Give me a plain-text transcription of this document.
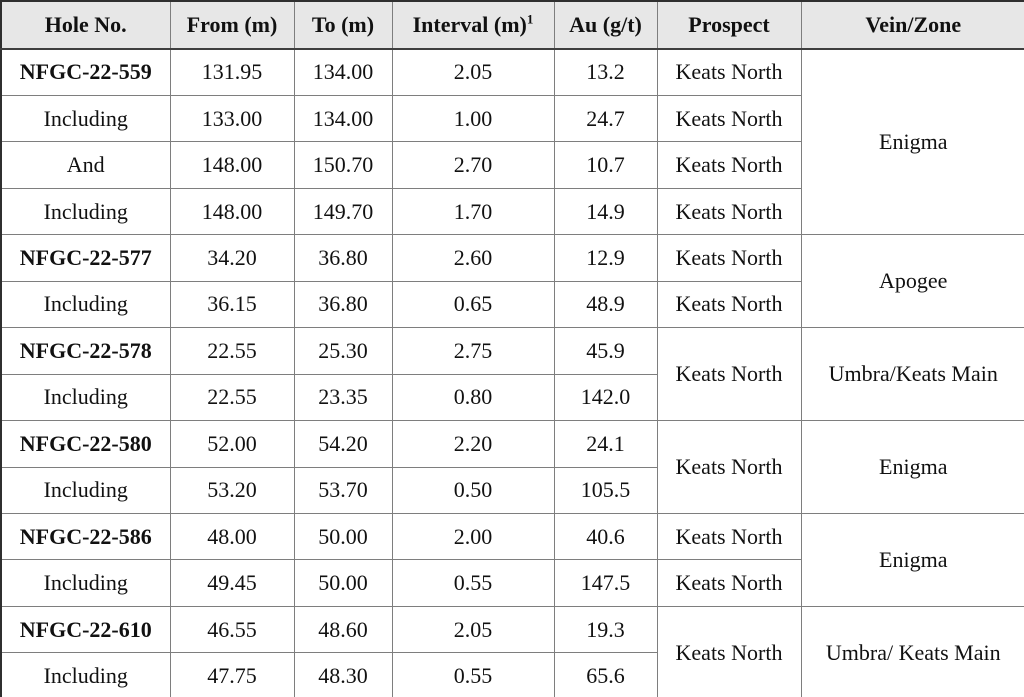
Hole No.	From (m)	To (m)	Interval $(m)^1$	Au (g/t)	Prospect	Vein/Zone
NFGC-22-559	131.95	134.00	2.05	13.2	Keats North	Enigma
Including	133.00	134.00	1.00	24.7	Keats North	
And	148.00	150.70	2.70	10.7	Keats North	
Including	148.00	149.70	1.70	14.9	Keats North	
NFGC-22-577	34.20	36.80	2.60	12.9	Keats North	Apogee
Including	36.15	36.80	0.65	48.9	Keats North	
NFGC-22-578	22.55	25.30	2.75	45.9	Keats North	Umbra/Keats Main
Including	22.55	23.35	0.80	142.0		
NFGC-22-580	52.00	54.20	2.20	24.1	Keats North	Enigma
Including	53.20	53.70	0.50	105.5		
NFGC-22-586	48.00	50.00	2.00	40.6	Keats North	Enigma
Including	49.45	50.00	0.55	147.5	Keats North	
NFGC-22-610	46.55	48.60	2.05	19.3	Keats North	Umbra/ Keats Main
Including	47.75	48.30	0.55	65.6		
